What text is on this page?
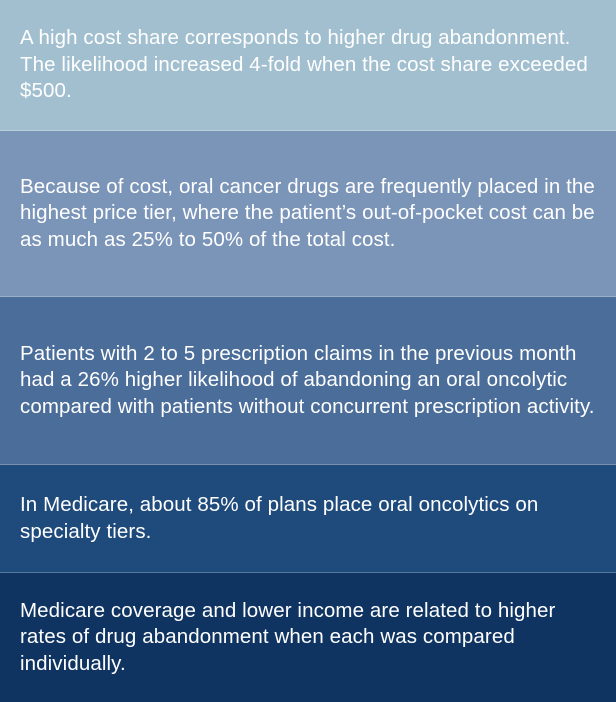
A high cost share corresponds to higher drug abandonment. The likelihood increased 4-fold when the cost share exceeded $500.

Because of cost, oral cancer drugs are frequently placed in the highest price tier, where the patient’s out-of-pocket cost can be as much as 25% to 50% of the total cost.

Patients with 2 to 5 prescription claims in the previous month had a 26% higher likelihood of abandoning an oral oncolytic compared with patients without concurrent prescription activity.

In Medicare, about 85% of plans place oral oncolytics on specialty tiers.

Medicare coverage and lower income are related to higher rates of drug abandonment when each was compared individually.
